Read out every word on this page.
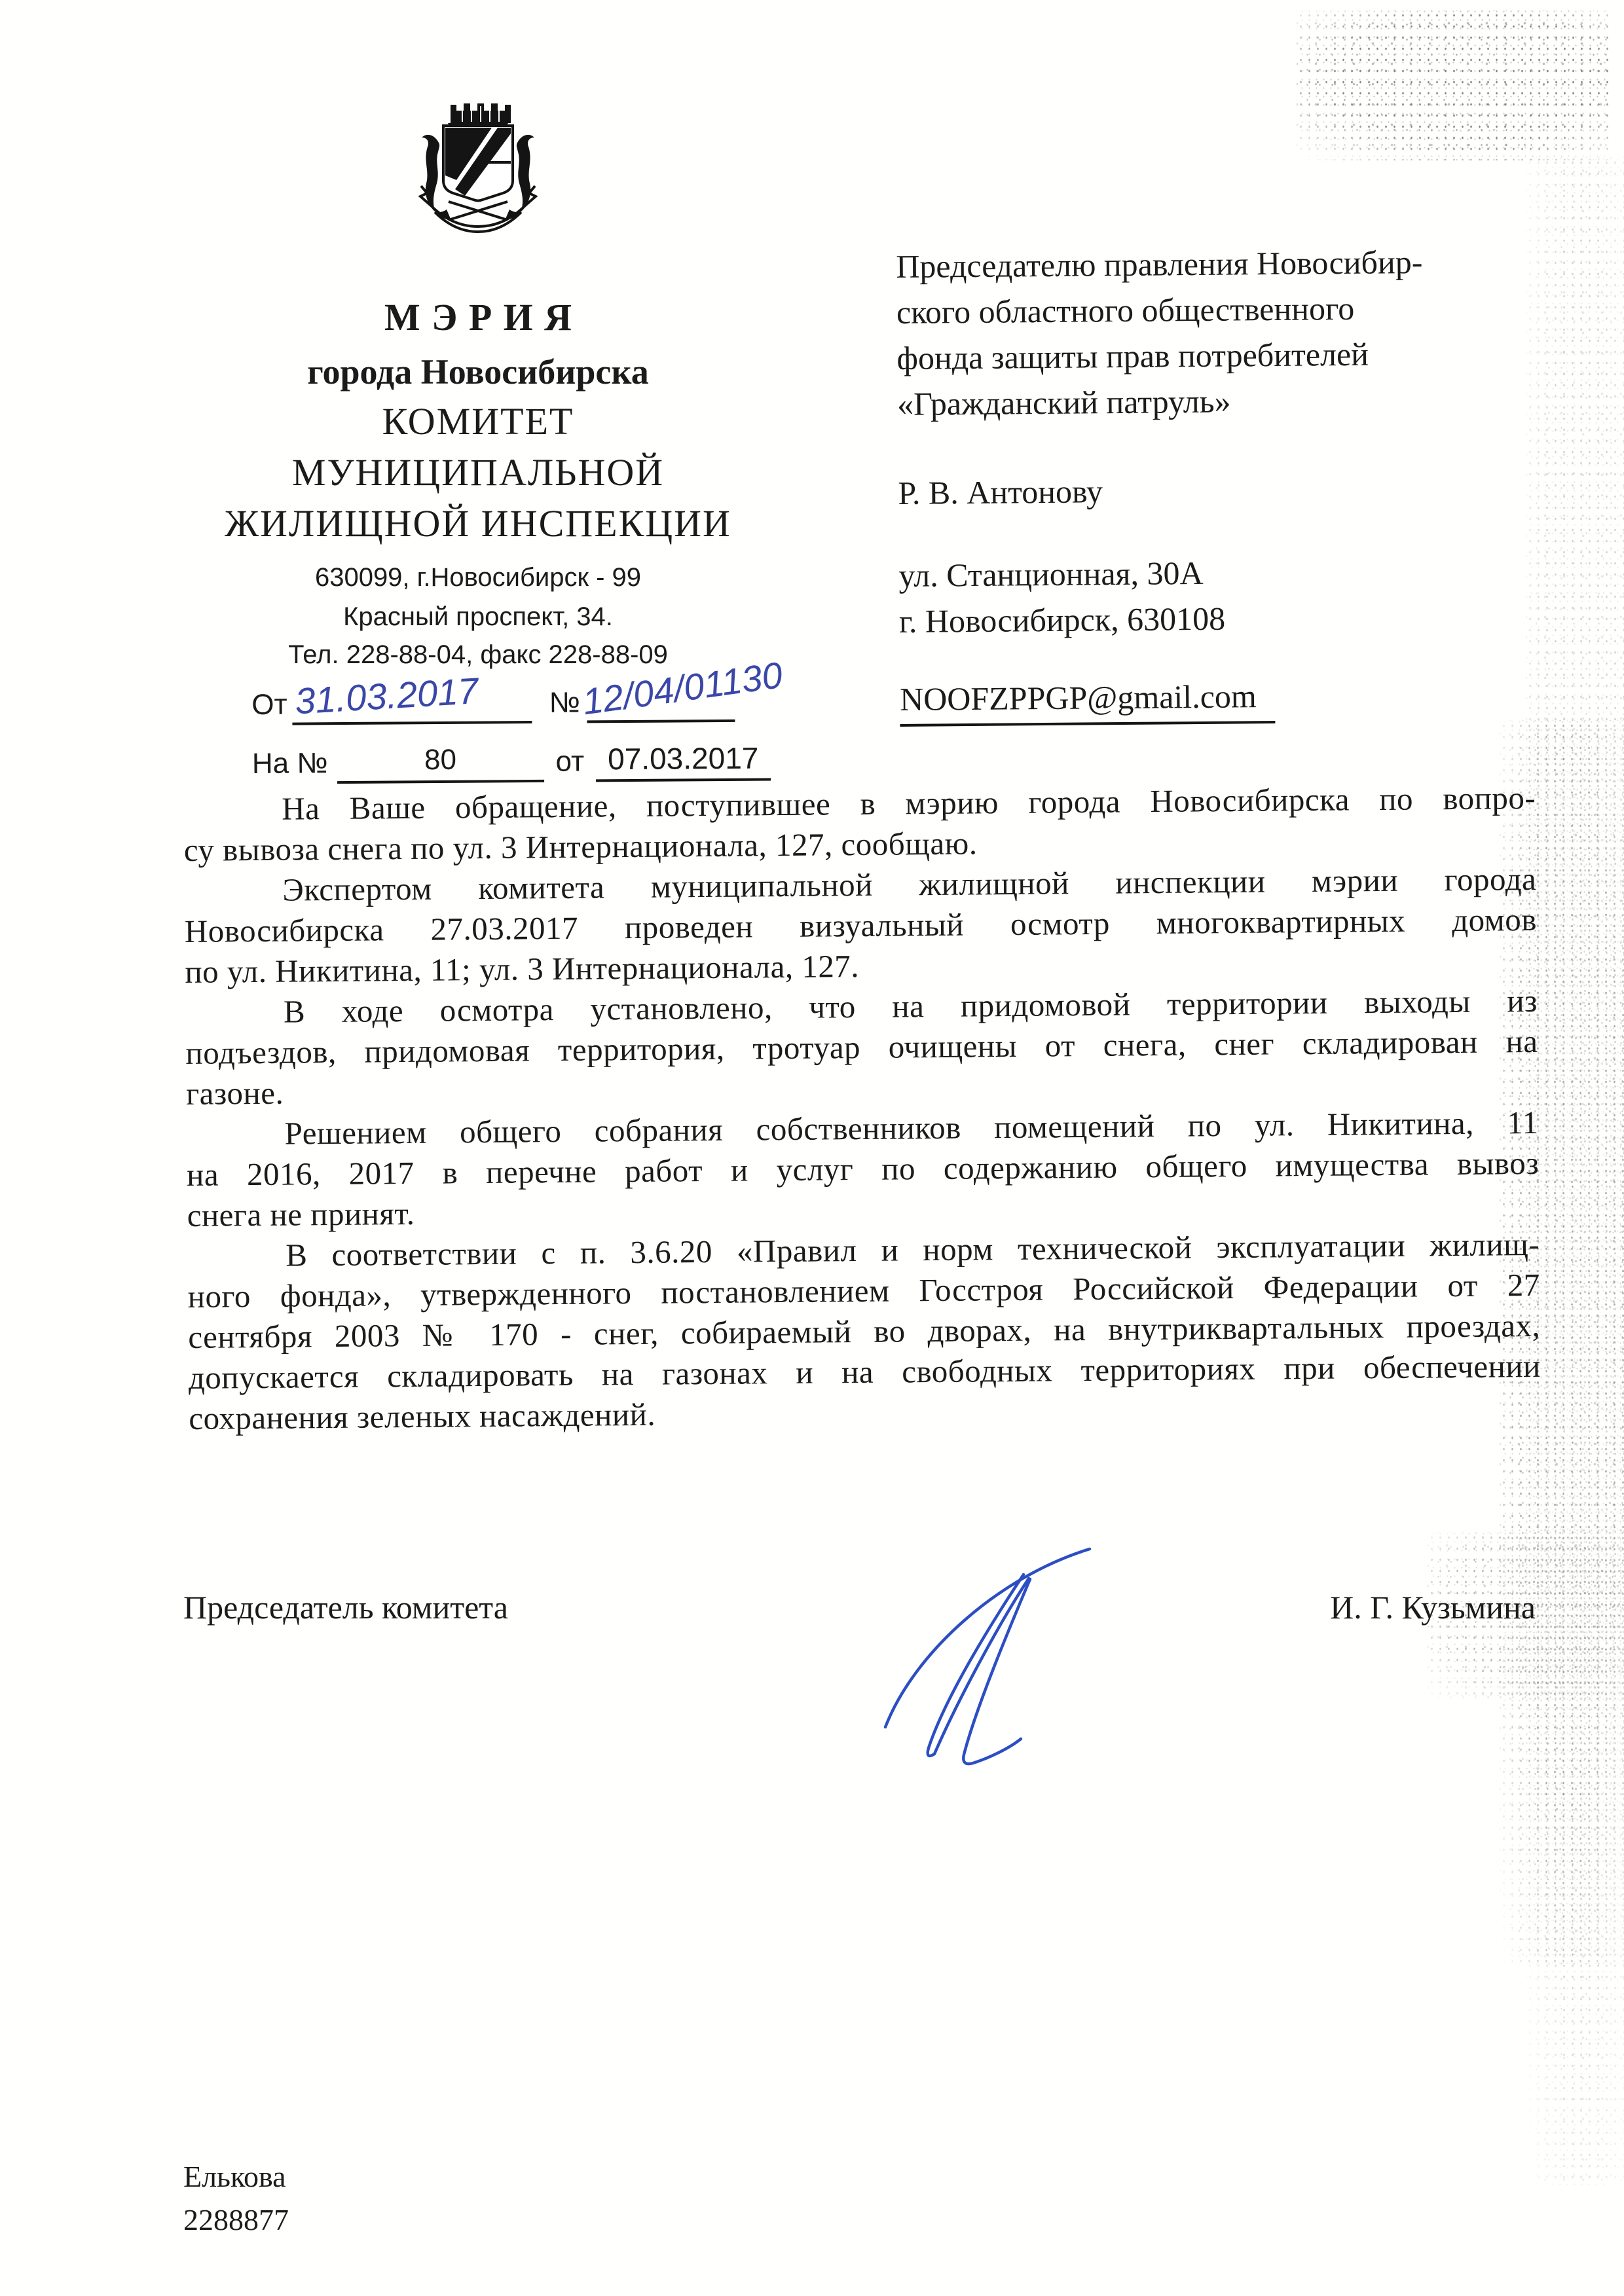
МЭРИЯ
города Новосибирска
КОМИТЕТ
МУНИЦИПАЛЬНОЙ
ЖИЛИЩНОЙ ИНСПЕКЦИИ
630099, г.Новосибирск - 99
Красный проспект, 34.
Тел. 228-88-04, факс 228-88-09
От 31.03.2017 № 12/04/01130
На №	80	от 07.03.2017
Председателю правления Новосибир-
ского областного общественного
фонда защиты прав потребителей
«Гражданский патруль»
Р. В. Антонову
ул. Станционная, 30А
г. Новосибирск, 630108
NOOFZPPGP@gmail.com
На Ваше обращение, поступившее в мэрию города Новосибирска по вопро-
су вывоза снега по ул. 3 Интернационала, 127, сообщаю.
Экспертом комитета муниципальной жилищной инспекции мэрии города
Новосибирска 27.03.2017 проведен визуальный осмотр многоквартирных домов
по ул. Никитина, 11; ул. 3 Интернационала, 127.
В ходе осмотра установлено, что на придомовой территории выходы из
подъездов, придомовая территория, тротуар очищены от снега, снег складирован на
газоне.
Решением общего собрания собственников помещений по ул. Никитина, 11
на 2016, 2017 в перечне работ и услуг по содержанию общего имущества вывоз
снега не принят.
В соответствии с п. 3.6.20 «Правил и норм технической эксплуатации жилищ-
ного фонда», утвержденного постановлением Госстроя Российской Федерации от 27
сентября 2003 № 170 - снег, собираемый во дворах, на внутриквартальных проездах,
допускается складировать на газонах и на свободных территориях при обеспечении
сохранения зеленых насаждений.
Председатель комитета	И. Г. Кузьмина
Елькова
2288877
